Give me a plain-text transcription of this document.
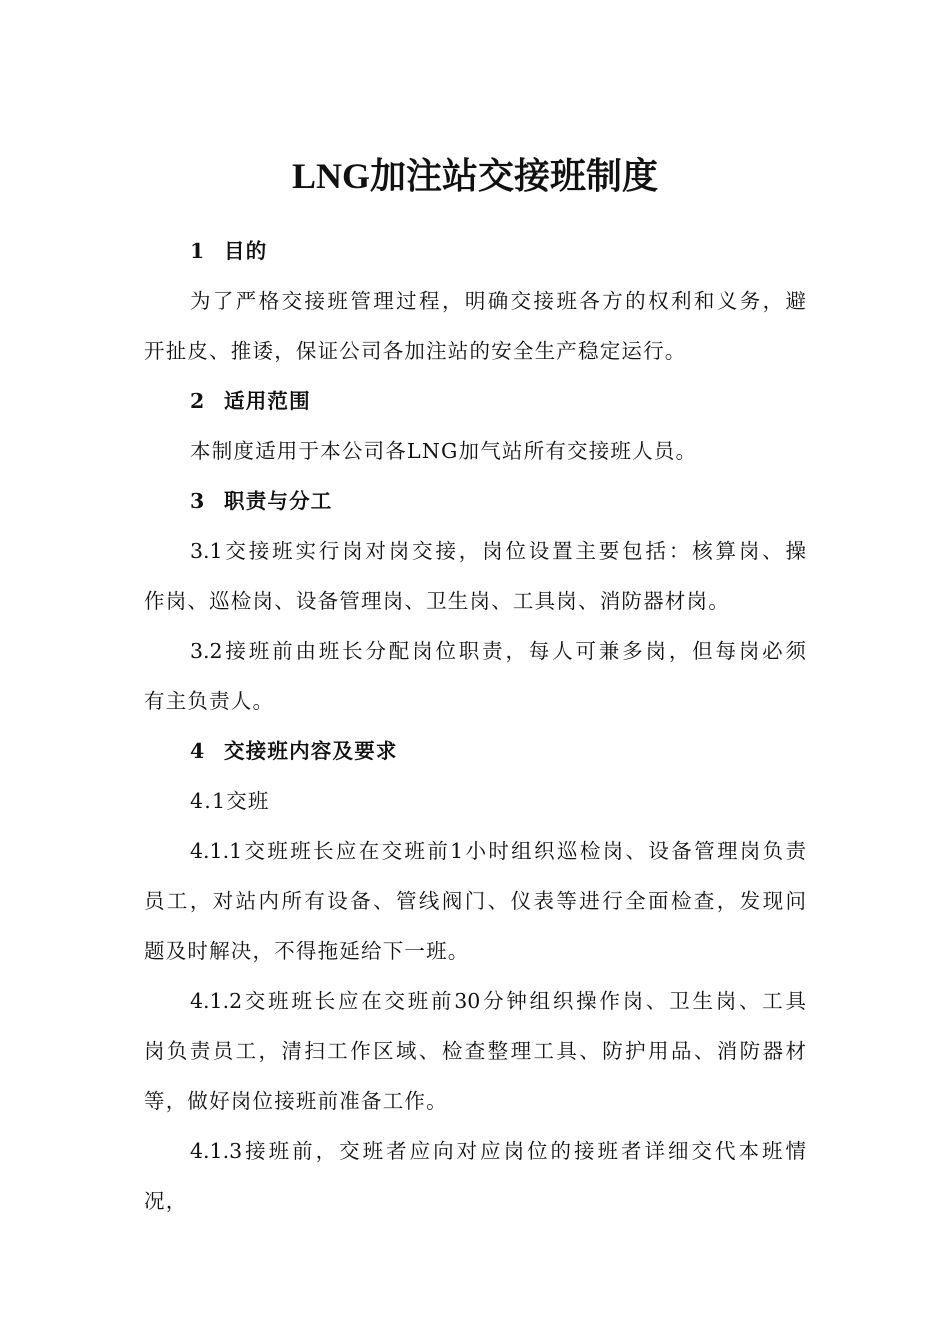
LNG加注站交接班制度
1 目的
为了严格交接班管理过程，明确交接班各方的权利和义务，避
开扯皮、推诿，保证公司各加注站的安全生产稳定运行。
2 适用范围
本制度适用于本公司各LNG加气站所有交接班人员。
3 职责与分工
3.1交接班实行岗对岗交接，岗位设置主要包括：核算岗、操
作岗、巡检岗、设备管理岗、卫生岗、工具岗、消防器材岗。
3.2接班前由班长分配岗位职责，每人可兼多岗，但每岗必须
有主负责人。
4 交接班内容及要求
4.1交班
4.1.1交班班长应在交班前1小时组织巡检岗、设备管理岗负责
员工，对站内所有设备、管线阀门、仪表等进行全面检查，发现问
题及时解决，不得拖延给下一班。
4.1.2交班班长应在交班前30分钟组织操作岗、卫生岗、工具
岗负责员工，清扫工作区域、检查整理工具、防护用品、消防器材
等，做好岗位接班前准备工作。
4.1.3接班前，交班者应向对应岗位的接班者详细交代本班情
况，
